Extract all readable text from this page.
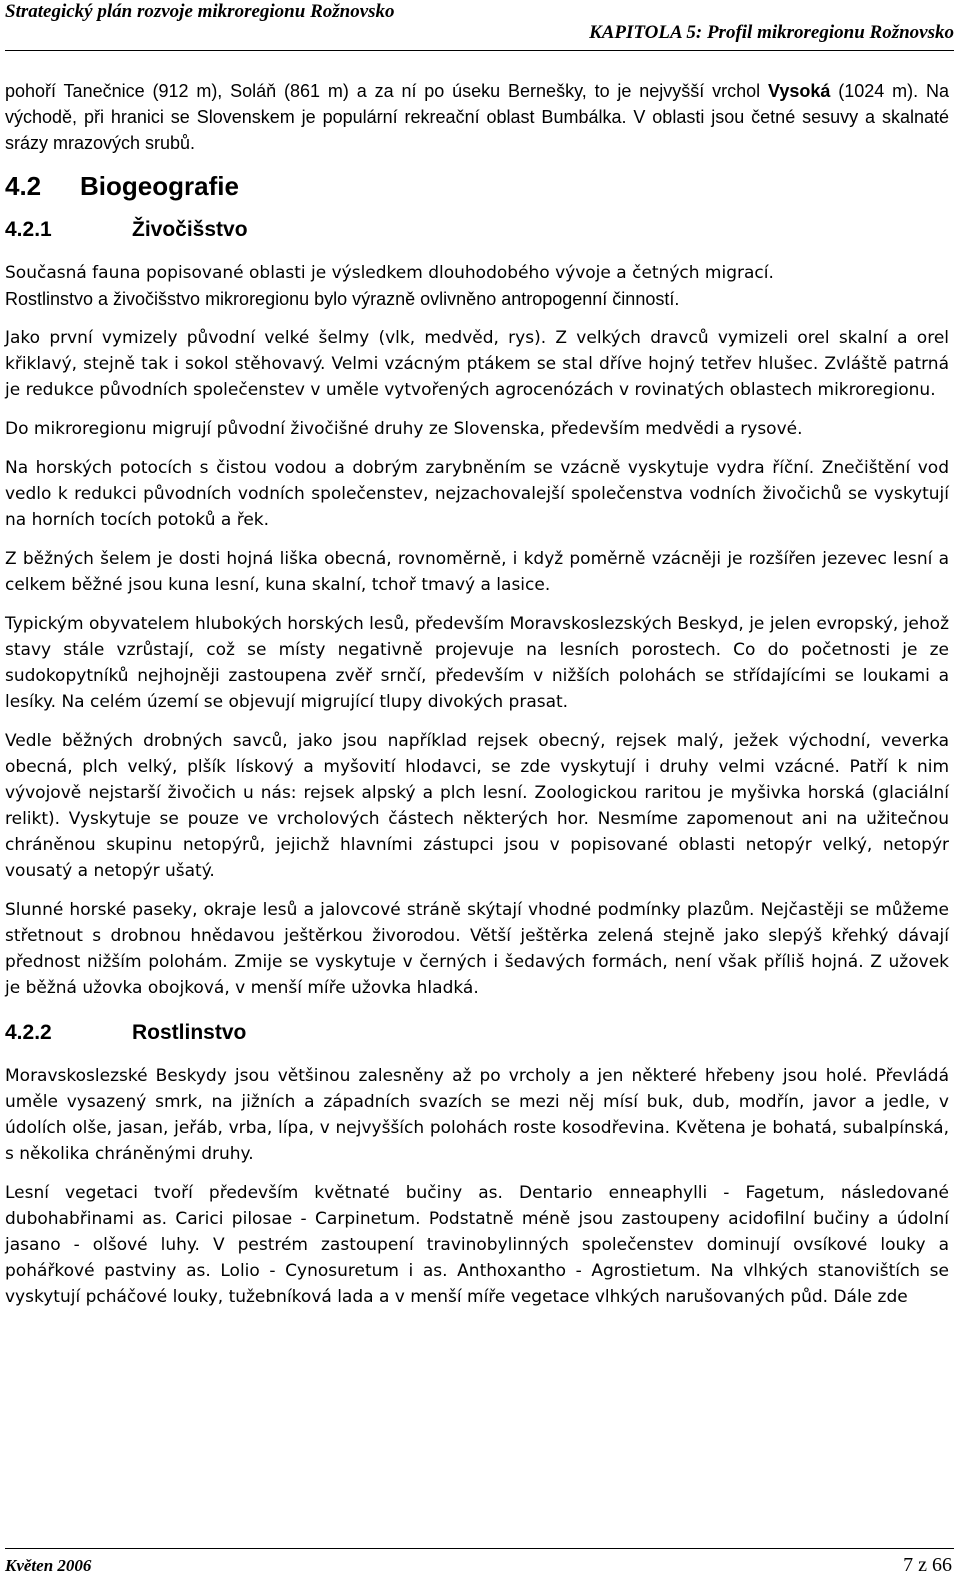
Strategický plán rozvoje mikroregionu Rožnovsko
KAPITOLA 5: Profil mikroregionu Rožnovsko

pohoří Tanečnice (912 m), Soláň (861 m) a za ní po úseku Bernešky, to je nejvyšší vrchol Vysoká (1024 m). Na východě, při hranici se Slovenskem je populární rekreační oblast Bumbálka. V oblasti jsou četné sesuvy a skalnaté srázy mrazových srubů.

4.2	Biogeografie
4.2.1	Živočišstvo

Současná fauna popisované oblasti je výsledkem dlouhodobého vývoje a četných migrací.

Rostlinstvo a živočišstvo mikroregionu bylo výrazně ovlivněno antropogenní činností.

Jako první vymizely původní velké šelmy (vlk, medvěd, rys). Z velkých dravců vymizeli orel skalní a orel křiklavý, stejně tak i sokol stěhovavý. Velmi vzácným ptákem se stal dříve hojný tetřev hlušec. Zvláště patrná je redukce původních společenstev v uměle vytvořených agrocenózách v rovinatých oblastech mikroregionu.

Do mikroregionu migrují původní živočišné druhy ze Slovenska, především medvědi a rysové.

Na horských potocích s čistou vodou a dobrým zarybněním se vzácně vyskytuje vydra říční. Znečištění vod vedlo k redukci původních vodních společenstev, nejzachovalejší společenstva vodních živočichů se vyskytují na horních tocích potoků a řek.

Z běžných šelem je dosti hojná liška obecná, rovnoměrně, i když poměrně vzácněji je rozšířen jezevec lesní a celkem běžné jsou kuna lesní, kuna skalní, tchoř tmavý a lasice.

Typickým obyvatelem hlubokých horských lesů, především Moravskoslezských Beskyd, je jelen evropský, jehož stavy stále vzrůstají, což se místy negativně projevuje na lesních porostech. Co do početnosti je ze sudokopytníků nejhojněji zastoupena zvěř srnčí, především v nižších polohách se střídajícími se loukami a lesíky. Na celém území se objevují migrující tlupy divokých prasat.

Vedle běžných drobných savců, jako jsou například rejsek obecný, rejsek malý, ježek východní, veverka obecná, plch velký, plšík lískový a myšovití hlodavci, se zde vyskytují i druhy velmi vzácné. Patří k nim vývojově nejstarší živočich u nás: rejsek alpský a plch lesní. Zoologickou raritou je myšivka horská (glaciální relikt). Vyskytuje se pouze ve vrcholových částech některých hor. Nesmíme zapomenout ani na užitečnou chráněnou skupinu netopýrů, jejichž hlavními zástupci jsou v popisované oblasti netopýr velký, netopýr vousatý a netopýr ušatý.

Slunné horské paseky, okraje lesů a jalovcové stráně skýtají vhodné podmínky plazům. Nejčastěji se můžeme střetnout s drobnou hnědavou ještěrkou živorodou. Větší ještěrka zelená stejně jako slepýš křehký dávají přednost nižším polohám. Zmije se vyskytuje v černých i šedavých formách, není však příliš hojná. Z užovek je běžná užovka obojková, v menší míře užovka hladká.

4.2.2	Rostlinstvo

Moravskoslezské Beskydy jsou většinou zalesněny až po vrcholy a jen některé hřebeny jsou holé. Převládá uměle vysazený smrk, na jižních a západních svazích se mezi něj mísí buk, dub, modřín, javor a jedle, v údolích olše, jasan, jeřáb, vrba, lípa, v nejvyšších polohách roste kosodřevina. Květena je bohatá, subalpínská, s několika chráněnými druhy.

Lesní vegetaci tvoří především květnaté bučiny as. Dentario enneaphylli - Fagetum, následované dubohabřinami as. Carici pilosae - Carpinetum. Podstatně méně jsou zastoupeny acidofilní bučiny a údolní jasano - olšové luhy. V pestrém zastoupení travinobylinných společenstev dominují ovsíkové louky a pohářkové pastviny as. Lolio - Cynosuretum i as. Anthoxantho - Agrostietum. Na vlhkých stanovištích se vyskytují pcháčové louky, tužebníková lada a v menší míře vegetace vlhkých narušovaných půd. Dále zde

Květen 2006	7 z 66
